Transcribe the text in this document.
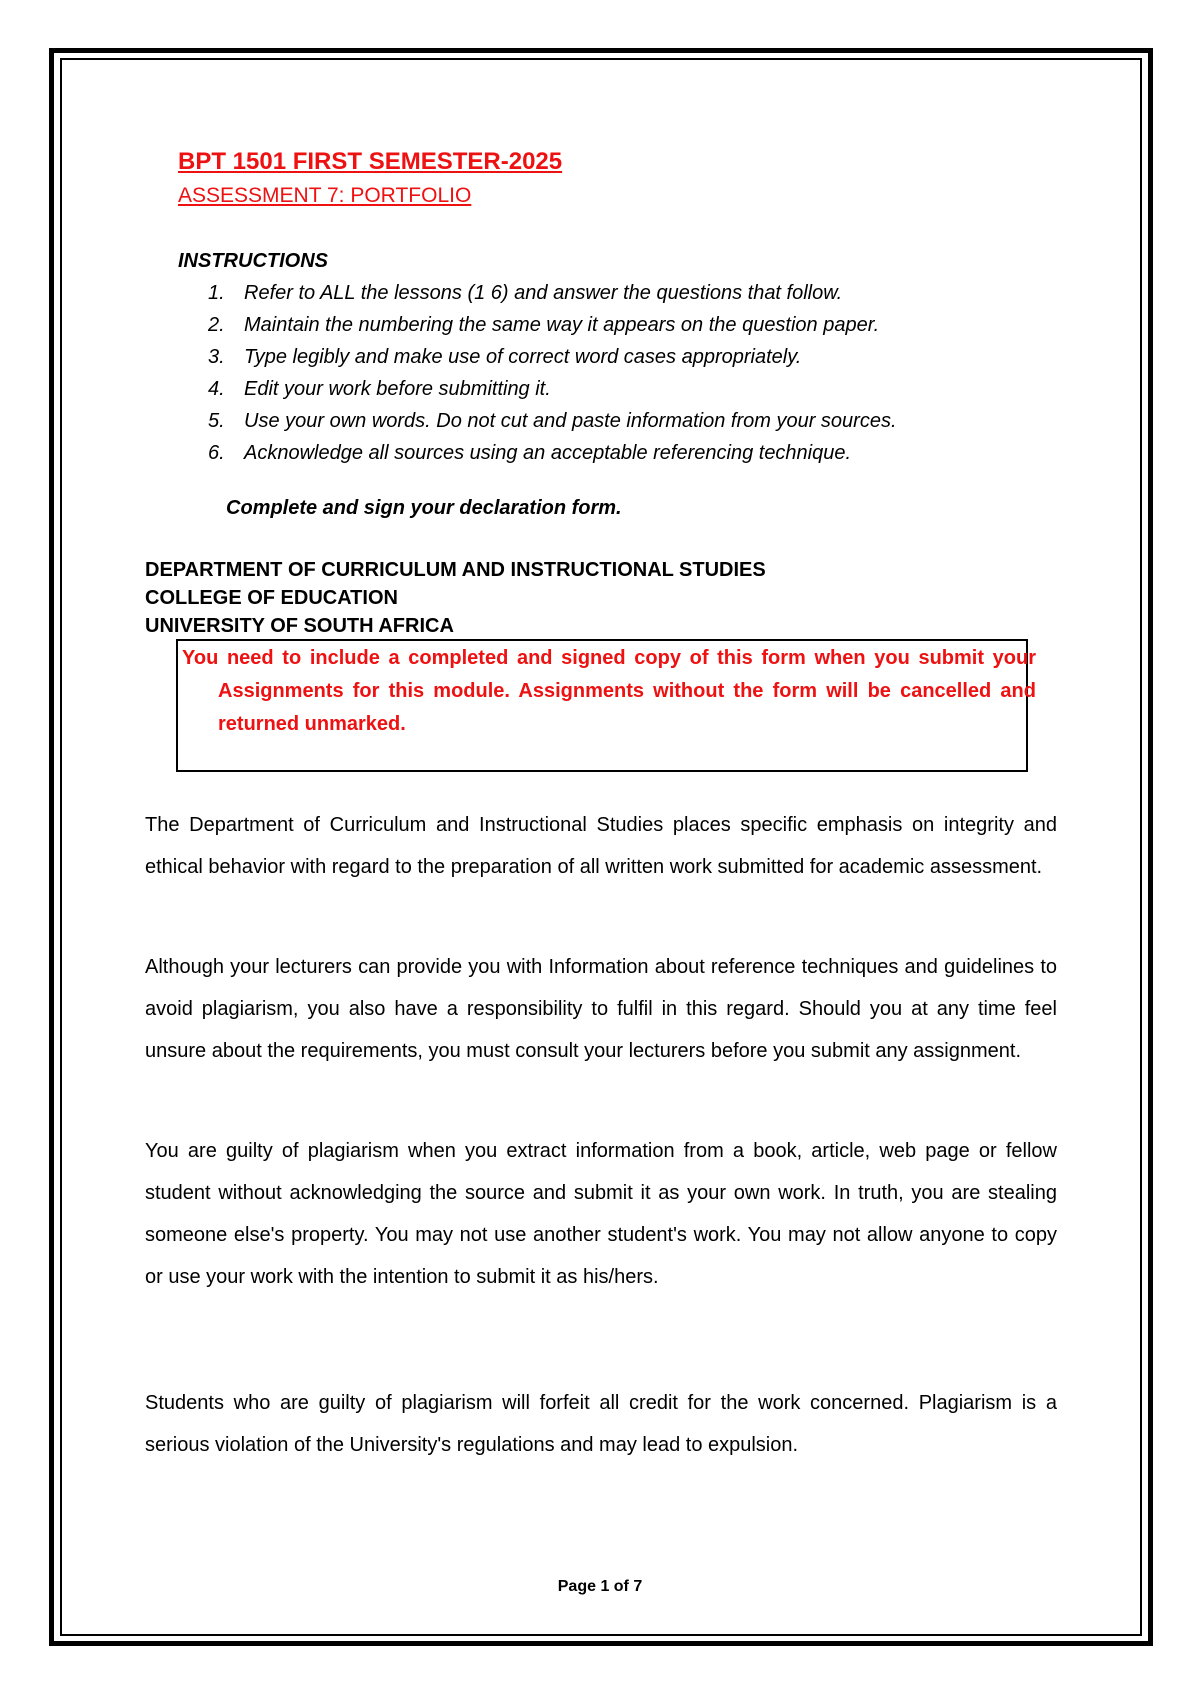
BPT 1501 FIRST SEMESTER-2025
ASSESSMENT 7: PORTFOLIO
INSTRUCTIONS
1. Refer to ALL the lessons (1 6) and answer the questions that follow.
2. Maintain the numbering the same way it appears on the question paper.
3. Type legibly and make use of correct word cases appropriately.
4. Edit your work before submitting it.
5. Use your own words. Do not cut and paste information from your sources.
6. Acknowledge all sources using an acceptable referencing technique.
Complete and sign your declaration form.
DEPARTMENT OF CURRICULUM AND INSTRUCTIONAL STUDIES
COLLEGE OF EDUCATION
UNIVERSITY OF SOUTH AFRICA
You need to include a completed and signed copy of this form when you submit your Assignments for this module. Assignments without the form will be cancelled and returned unmarked.
The Department of Curriculum and Instructional Studies places specific emphasis on integrity and ethical behavior with regard to the preparation of all written work submitted for academic assessment.
Although your lecturers can provide you with Information about reference techniques and guidelines to avoid plagiarism, you also have a responsibility to fulfil in this regard. Should you at any time feel unsure about the requirements, you must consult your lecturers before you submit any assignment.
You are guilty of plagiarism when you extract information from a book, article, web page or fellow student without acknowledging the source and submit it as your own work. In truth, you are stealing someone else's property. You may not use another student's work. You may not allow anyone to copy or use your work with the intention to submit it as his/hers.
Students who are guilty of plagiarism will forfeit all credit for the work concerned. Plagiarism is a serious violation of the University's regulations and may lead to expulsion.
Page 1 of 7
